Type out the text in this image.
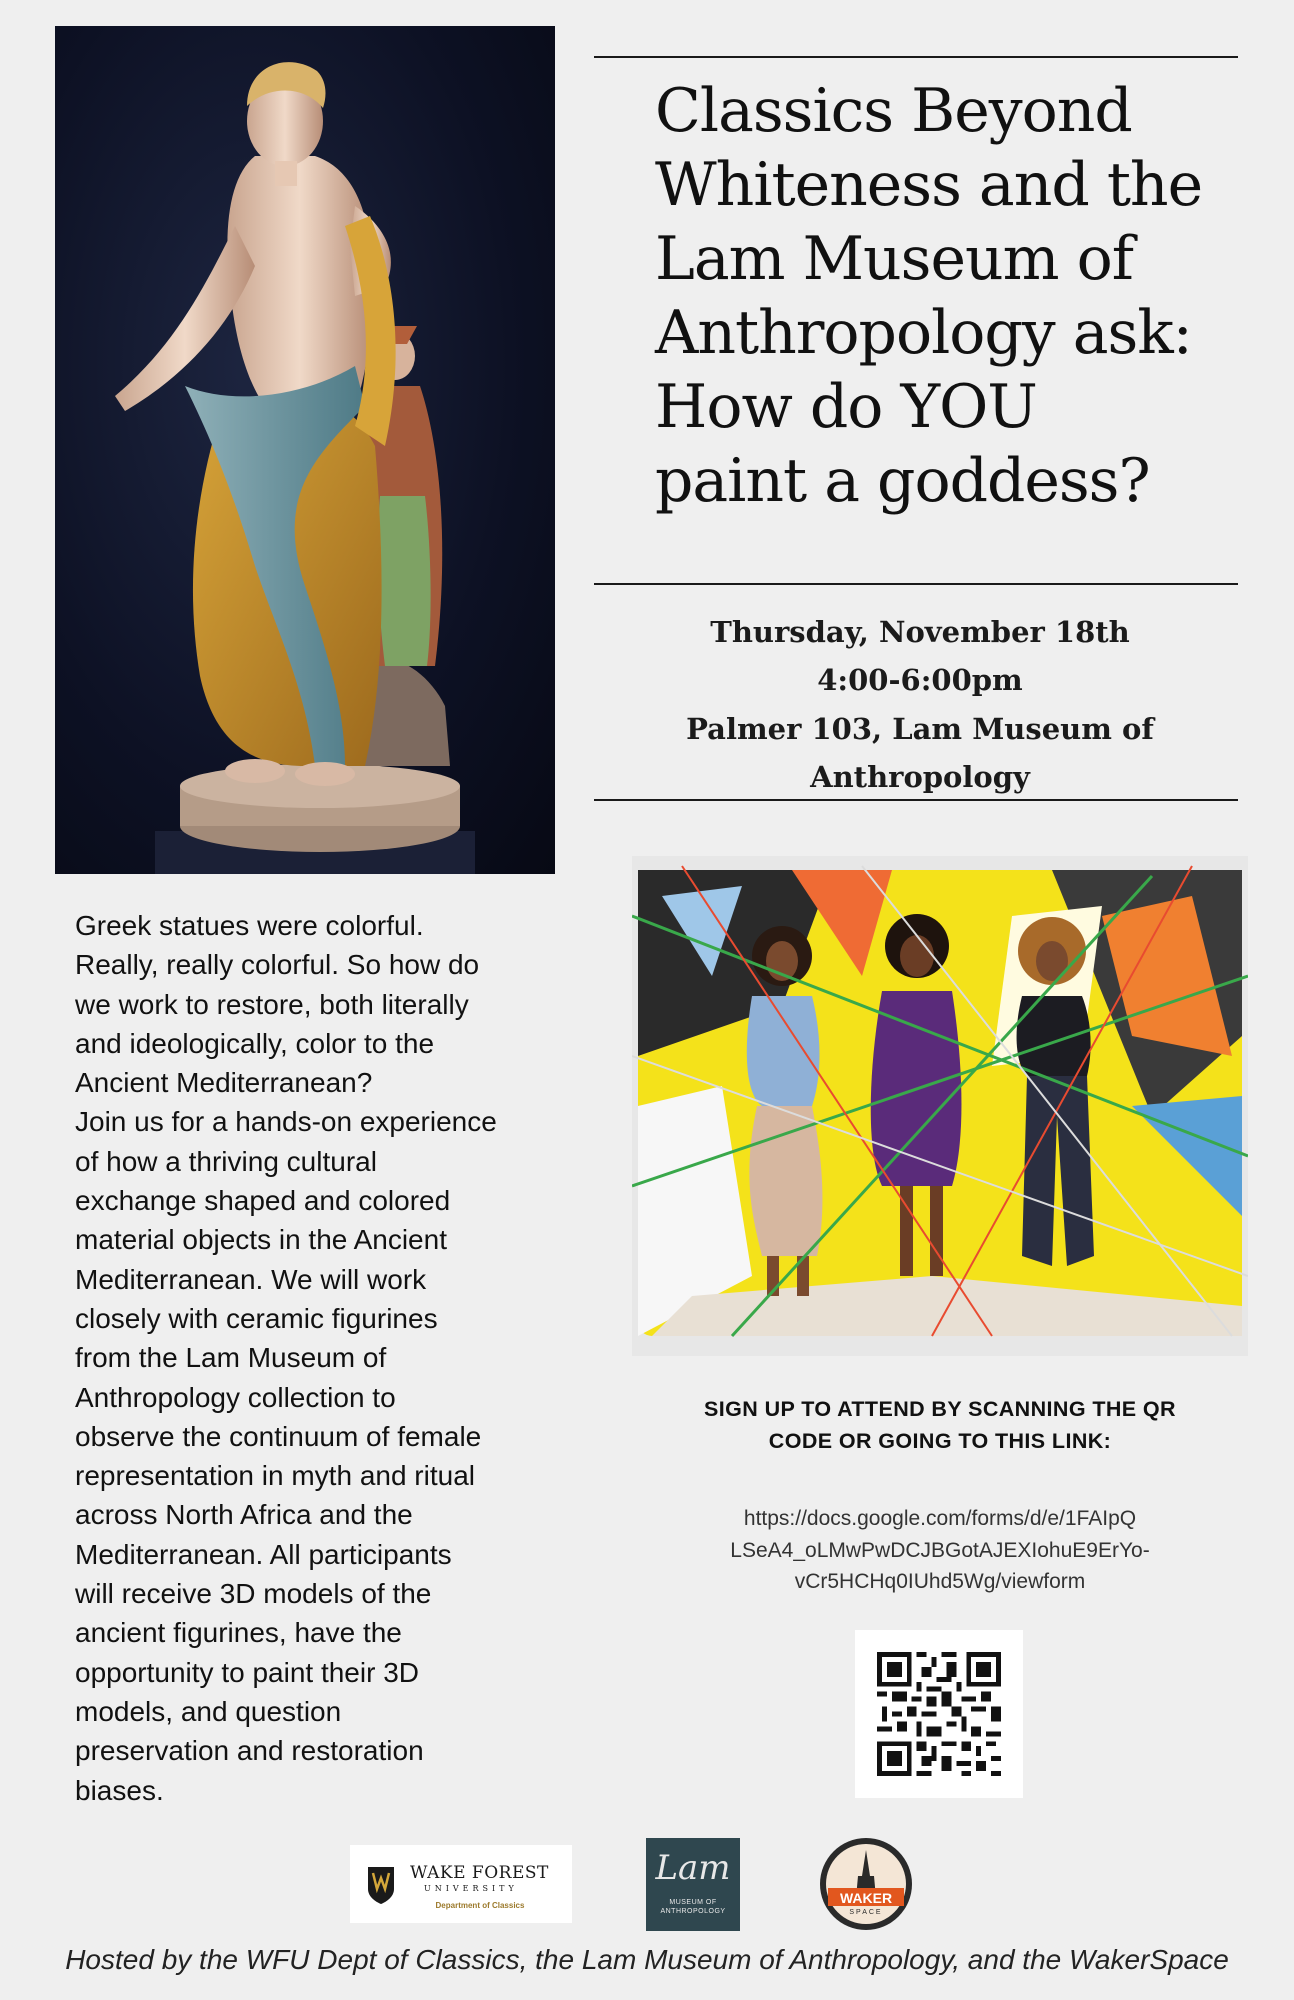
Classics Beyond
Whiteness and the
Lam Museum of
Anthropology ask:
How do YOU
paint a goddess?
Thursday, November 18th
4:00-6:00pm
Palmer 103, Lam Museum of Anthropology
Greek statues were colorful.
Really, really colorful. So how do
we work to restore, both literally
and ideologically, color to the
Ancient Mediterranean?
Join us for a hands-on experience
of how a thriving cultural
exchange shaped and colored
material objects in the Ancient
Mediterranean. We will work
closely with ceramic figurines
from the Lam Museum of
Anthropology collection to
observe the continuum of female
representation in myth and ritual
across North Africa and the
Mediterranean. All participants
will receive 3D models of the
ancient figurines, have the
opportunity to paint their 3D
models, and question
preservation and restoration
biases.
SIGN UP TO ATTEND BY SCANNING THE QR
CODE OR GOING TO THIS LINK:
https://docs.google.com/forms/d/e/1FAIpQ
LSeA4_oLMwPwDCJBGotAJEXIohuE9ErYo-
vCr5HCHq0IUhd5Wg/viewform
WAKE FOREST
UNIVERSITY
Department of Classics
Lam
MUSEUM OF
ANTHROPOLOGY
WAKER
SPACE
Hosted by the WFU Dept of Classics, the Lam Museum of Anthropology, and the WakerSpace
